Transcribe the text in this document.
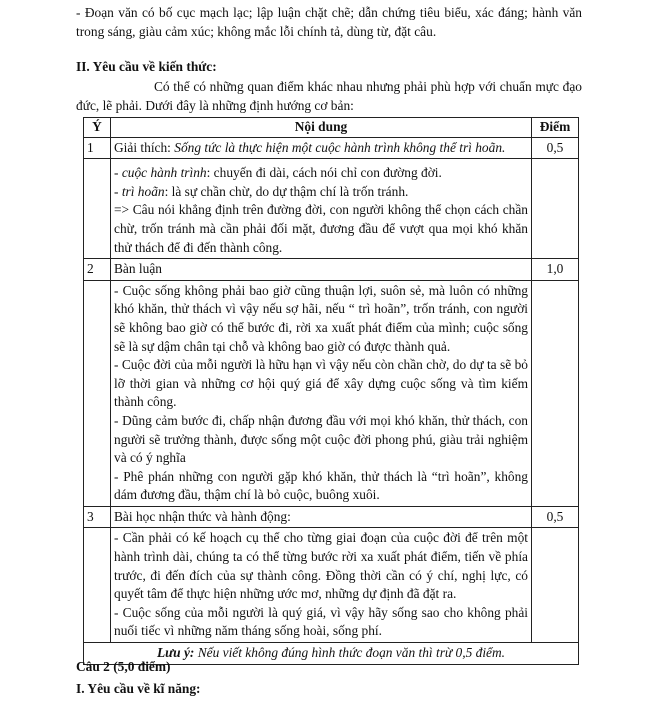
- Đoạn văn có bố cục mạch lạc; lập luận chặt chẽ; dẫn chứng tiêu biểu, xác đáng; hành văn trong sáng, giàu cảm xúc; không mắc lỗi chính tả, dùng từ, đặt câu.

II. Yêu cầu về kiến thức:

Có thể có những quan điểm khác nhau nhưng phải phù hợp với chuẩn mực đạo đức, lẽ phải. Dưới đây là những định hướng cơ bản:

Ý	Nội dung	Điểm
1	Giải thích: Sống tức là thực hiện một cuộc hành trình không thể trì hoãn.	0,5

	- cuộc hành trình: chuyến đi dài, cách nói chỉ con đường đời.

- trì hoãn: là sự chần chừ, do dự thậm chí là trốn tránh.

=> Câu nói khẳng định trên đường đời, con người không thể chọn cách chần chừ, trốn tránh mà cần phải đối mặt, đương đầu để vượt qua mọi khó khăn thử thách để đi đến thành công.	

2	Bàn luận	1,0

	- Cuộc sống không phải bao giờ cũng thuận lợi, suôn sẻ, mà luôn có những khó khăn, thử thách vì vậy nếu sợ hãi, nếu “ trì hoãn”, trốn tránh, con người sẽ không bao giờ có thể bước đi, rời xa xuất phát điểm của mình; cuộc sống sẽ là sự dậm chân tại chỗ và không bao giờ có được thành quả.

- Cuộc đời của mỗi người là hữu hạn vì vậy nếu còn chần chờ, do dự ta sẽ bỏ lỡ thời gian và những cơ hội quý giá để xây dựng cuộc sống và tìm kiếm thành công.

- Dũng cảm bước đi, chấp nhận đương đầu với mọi khó khăn, thử thách, con người sẽ trưởng thành, được sống một cuộc đời phong phú, giàu trải nghiệm và có ý nghĩa

- Phê phán những con người gặp khó khăn, thử thách là “trì hoãn”, không dám đương đầu, thậm chí là bỏ cuộc, buông xuôi.	

3	Bài học nhận thức và hành động:	0,5

	- Cần phải có kế hoạch cụ thể cho từng giai đoạn của cuộc đời để trên một hành trình dài, chúng ta có thể từng bước rời xa xuất phát điểm, tiến về phía trước, đi đến đích của sự thành công. Đồng thời cần có ý chí, nghị lực, có quyết tâm để thực hiện những ước mơ, những dự định đã đặt ra.

- Cuộc sống của mỗi người là quý giá, vì vậy hãy sống sao cho không phải nuối tiếc vì những năm tháng sống hoài, sống phí.	

Lưu ý: Nếu viết không đúng hình thức đoạn văn thì trừ 0,5 điểm.		

Câu 2 (5,0 điểm)

I. Yêu cầu về kĩ năng:
